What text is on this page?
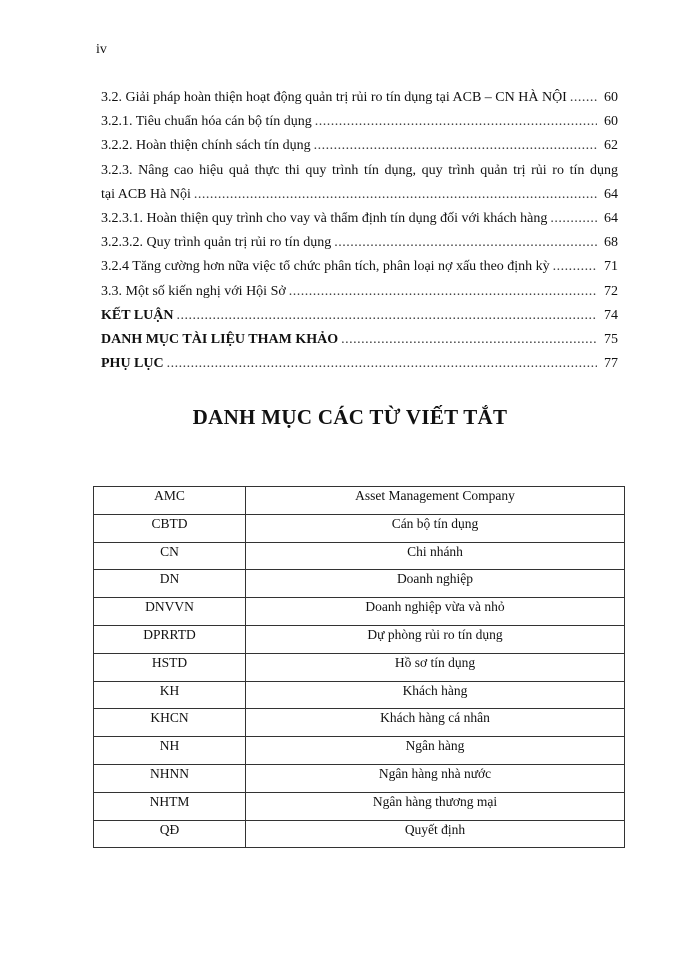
iv
3.2. Giải pháp hoàn thiện hoạt động quản trị rủi ro tín dụng tại ACB – CN HÀ NỘI .....	60
3.2.1. Tiêu chuẩn hóa cán bộ tín dụng .....	60
3.2.2. Hoàn thiện chính sách tín dụng .....	62
3.2.3. Nâng cao hiệu quả thực thi quy trình tín dụng, quy trình quản trị rủi ro tín dụng
tại ACB Hà Nội .....	64
3.2.3.1. Hoàn thiện quy trình cho vay và thẩm định tín dụng đối với khách hàng .....	64
3.2.3.2. Quy trình quản trị rủi ro tín dụng .....	68
3.2.4 Tăng cường hơn nữa việc tổ chức phân tích, phân loại nợ xấu theo định kỳ .....	71
3.3. Một số kiến nghị với Hội Sở .....	72
KẾT LUẬN .....	74
DANH MỤC TÀI LIỆU THAM KHẢO .....	75
PHỤ LỤC .....	77
DANH MỤC CÁC TỪ VIẾT TẮT
AMC	Asset Management Company
CBTD	Cán bộ tín dụng
CN	Chi nhánh
DN	Doanh nghiệp
DNVVN	Doanh nghiệp vừa và nhỏ
DPRRTD	Dự phòng rủi ro tín dụng
HSTD	Hồ sơ tín dụng
KH	Khách hàng
KHCN	Khách hàng cá nhân
NH	Ngân hàng
NHNN	Ngân hàng nhà nước
NHTM	Ngân hàng thương mại
QĐ	Quyết định
